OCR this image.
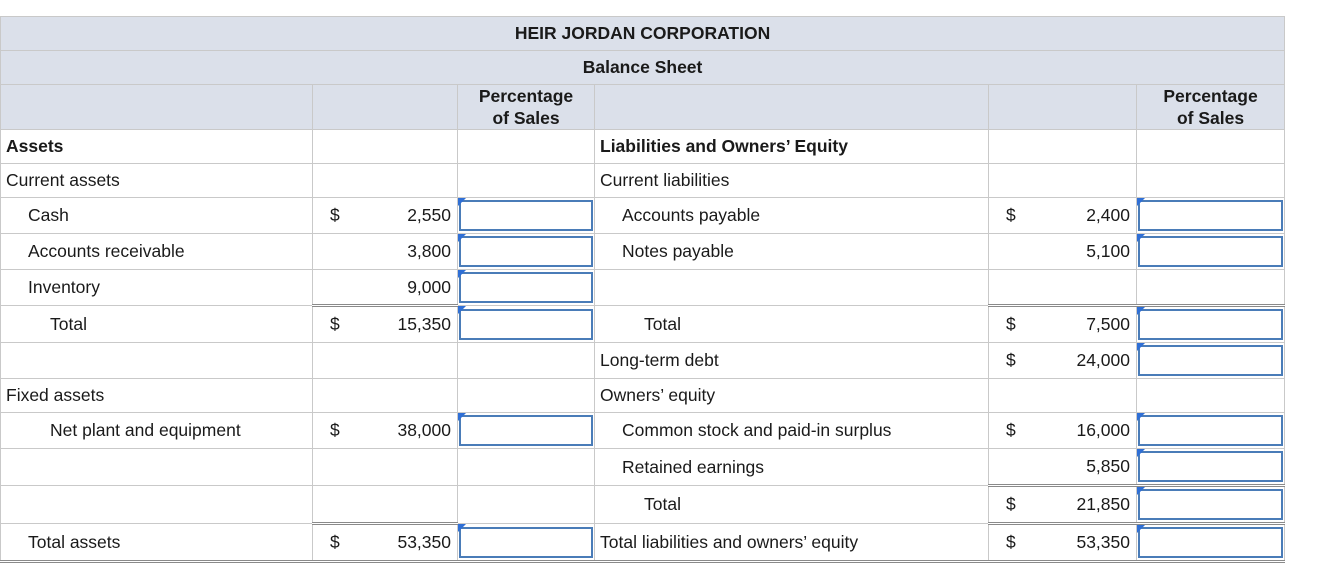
HEIR JORDAN CORPORATION					
Balance Sheet					
		Percentage
of Sales			Percentage
of Sales
Assets			Liabilities and Owners’ Equity		
Current assets			Current liabilities		
Cash	$ 2,550		Accounts payable	$ 2,400

Accounts receivable	3,800		Notes payable	5,100

Inventory	9,000	

Total	$ 15,350		Total	$ 7,500

			Long-term debt	$ 24,000

Fixed assets			Owners’ equity		
Net plant and equipment	$ 38,000		Common stock and paid-in surplus	$ 16,000

			Retained earnings	5,850

			Total	$ 21,850

Total assets	$ 53,350		Total liabilities and owners’ equity	$ 53,350
